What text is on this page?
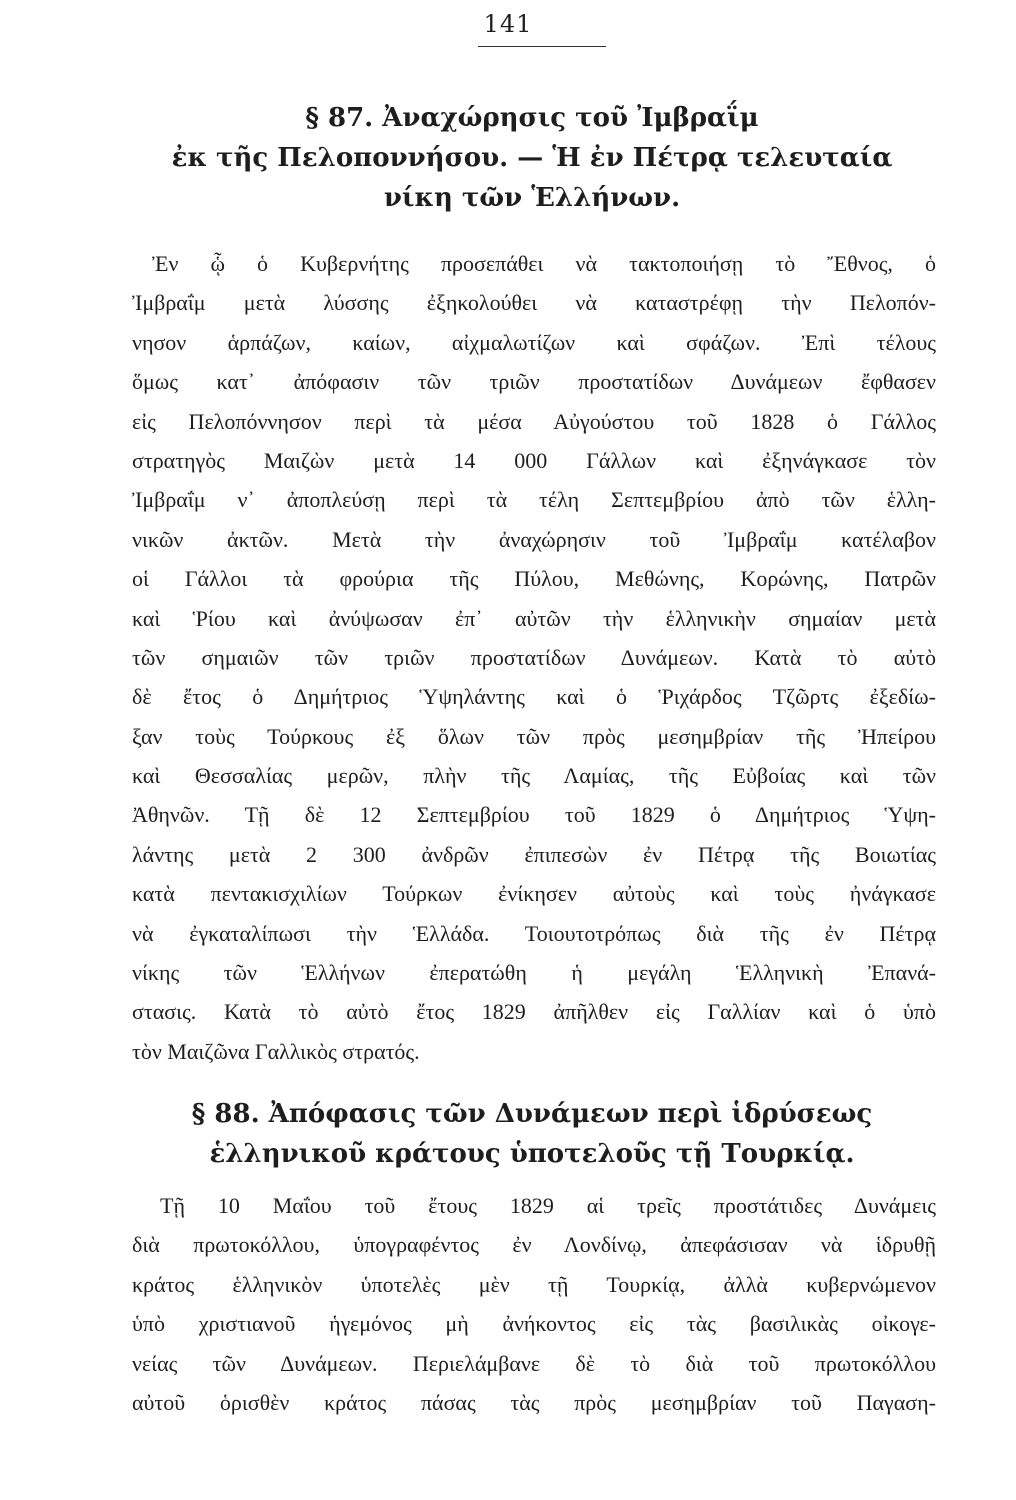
141
§ 87. Ἀναχώρησις τοῦ Ἰμβραΐμ
ἐκ τῆς Πελοποννήσου. — Ἡ ἐν Πέτρᾳ τελευταία
νίκη τῶν Ἑλλήνων.
Ἐν ᾧ ὁ Κυβερνήτης προσεπάθει νὰ τακτοποιήσῃ τὸ Ἔθνος, ὁ
Ἰμβραΐμ μετὰ λύσσης ἐξηκολούθει νὰ καταστρέφῃ τὴν Πελοπόν-
νησον ἁρπάζων, καίων, αἰχμαλωτίζων καὶ σφάζων. Ἐπὶ τέλους
ὅμως κατ᾿ ἀπόφασιν τῶν τριῶν προστατίδων Δυνάμεων ἔφθασεν
εἰς Πελοπόννησον περὶ τὰ μέσα Αὐγούστου τοῦ 1828 ὁ Γάλλος
στρατηγὸς Μαιζὼν μετὰ 14 000 Γάλλων καὶ ἐξηνάγκασε τὸν
Ἰμβραΐμ ν᾿ ἀποπλεύσῃ περὶ τὰ τέλη Σεπτεμβρίου ἀπὸ τῶν ἑλλη-
νικῶν ἀκτῶν. Μετὰ τὴν ἀναχώρησιν τοῦ Ἰμβραΐμ κατέλαβον
οἱ Γάλλοι τὰ φρούρια τῆς Πύλου, Μεθώνης, Κορώνης, Πατρῶν
καὶ Ῥίου καὶ ἀνύψωσαν ἐπ᾿ αὐτῶν τὴν ἑλληνικὴν σημαίαν μετὰ
τῶν σημαιῶν τῶν τριῶν προστατίδων Δυνάμεων. Κατὰ τὸ αὐτὸ
δὲ ἔτος ὁ Δημήτριος Ὑψηλάντης καὶ ὁ Ῥιχάρδος Τζῶρτς ἐξεδίω-
ξαν τοὺς Τούρκους ἐξ ὅλων τῶν πρὸς μεσημβρίαν τῆς Ἠπείρου
καὶ Θεσσαλίας μερῶν, πλὴν τῆς Λαμίας, τῆς Εὐβοίας καὶ τῶν
Ἀθηνῶν. Τῇ δὲ 12 Σεπτεμβρίου τοῦ 1829 ὁ Δημήτριος Ὑψη-
λάντης μετὰ 2 300 ἀνδρῶν ἐπιπεσὼν ἐν Πέτρᾳ τῆς Βοιωτίας
κατὰ πεντακισχιλίων Τούρκων ἐνίκησεν αὐτοὺς καὶ τοὺς ἠνάγκασε
νὰ ἐγκαταλίπωσι τὴν Ἑλλάδα. Τοιουτοτρόπως διὰ τῆς ἐν Πέτρᾳ
νίκης τῶν Ἑλλήνων ἐπερατώθη ἡ μεγάλη Ἑλληνικὴ Ἐπανά-
στασις. Κατὰ τὸ αὐτὸ ἔτος 1829 ἀπῆλθεν εἰς Γαλλίαν καὶ ὁ ὑπὸ
τὸν Μαιζῶνα Γαλλικὸς στρατός.
§ 88. Ἀπόφασις τῶν Δυνάμεων περὶ ἱδρύσεως
ἑλληνικοῦ κράτους ὑποτελοῦς τῇ Τουρκίᾳ.
Τῇ 10 Μαΐου τοῦ ἔτους 1829 αἱ τρεῖς προστάτιδες Δυνάμεις
διὰ πρωτοκόλλου, ὑπογραφέντος ἐν Λονδίνῳ, ἀπεφάσισαν νὰ ἱδρυθῇ
κράτος ἑλληνικὸν ὑποτελὲς μὲν τῇ Τουρκίᾳ, ἀλλὰ κυβερνώμενον
ὑπὸ χριστιανοῦ ἡγεμόνος μὴ ἀνήκοντος εἰς τὰς βασιλικὰς οἰκογε-
νείας τῶν Δυνάμεων. Περιελάμβανε δὲ τὸ διὰ τοῦ πρωτοκόλλου
αὐτοῦ ὁρισθὲν κράτος πάσας τὰς πρὸς μεσημβρίαν τοῦ Παγαση-
